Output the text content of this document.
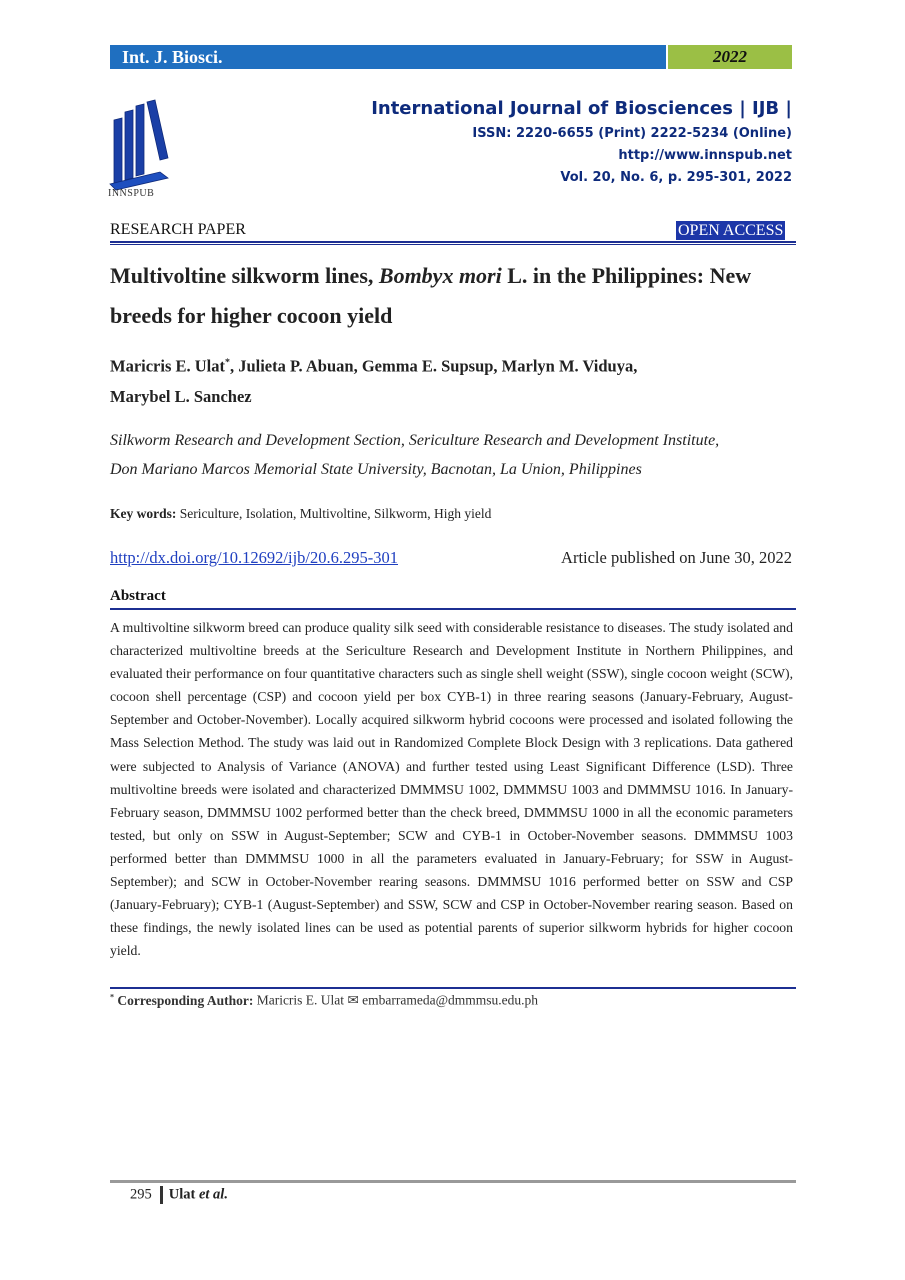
Int. J. Biosci.	2022
INNSPUB
International Journal of Biosciences | IJB |
ISSN: 2220-6655 (Print) 2222-5234 (Online)
http://www.innspub.net
Vol. 20, No. 6, p. 295-301, 2022
RESEARCH PAPER	OPEN ACCESS
Multivoltine silkworm lines, Bombyx mori L. in the Philippines: New breeds for higher cocoon yield
Maricris E. Ulat*, Julieta P. Abuan, Gemma E. Supsup, Marlyn M. Viduya,
Marybel L. Sanchez
Silkworm Research and Development Section, Sericulture Research and Development Institute,
Don Mariano Marcos Memorial State University, Bacnotan, La Union, Philippines
Key words: Sericulture, Isolation, Multivoltine, Silkworm, High yield
http://dx.doi.org/10.12692/ijb/20.6.295-301	Article published on June 30, 2022
Abstract
A multivoltine silkworm breed can produce quality silk seed with considerable resistance to diseases. The study isolated and characterized multivoltine breeds at the Sericulture Research and Development Institute in Northern Philippines, and evaluated their performance on four quantitative characters such as single shell weight (SSW), single cocoon weight (SCW), cocoon shell percentage (CSP) and cocoon yield per box CYB-1) in three rearing seasons (January-February, August-September and October-November). Locally acquired silkworm hybrid cocoons were processed and isolated following the Mass Selection Method. The study was laid out in Randomized Complete Block Design with 3 replications. Data gathered were subjected to Analysis of Variance (ANOVA) and further tested using Least Significant Difference (LSD). Three multivoltine breeds were isolated and characterized DMMMSU 1002, DMMMSU 1003 and DMMMSU 1016. In January-February season, DMMMSU 1002 performed better than the check breed, DMMMSU 1000 in all the economic parameters tested, but only on SSW in August-September; SCW and CYB-1 in October-November seasons. DMMMSU 1003 performed better than DMMMSU 1000 in all the parameters evaluated in January-February; for SSW in August-September); and SCW in October-November rearing seasons. DMMMSU 1016 performed better on SSW and CSP (January-February); CYB-1 (August-September) and SSW, SCW and CSP in October-November rearing season. Based on these findings, the newly isolated lines can be used as potential parents of superior silkworm hybrids for higher cocoon yield.
* Corresponding Author: Maricris E. Ulat ✉ embarrameda@dmmmsu.edu.ph
295 Ulat et al.
